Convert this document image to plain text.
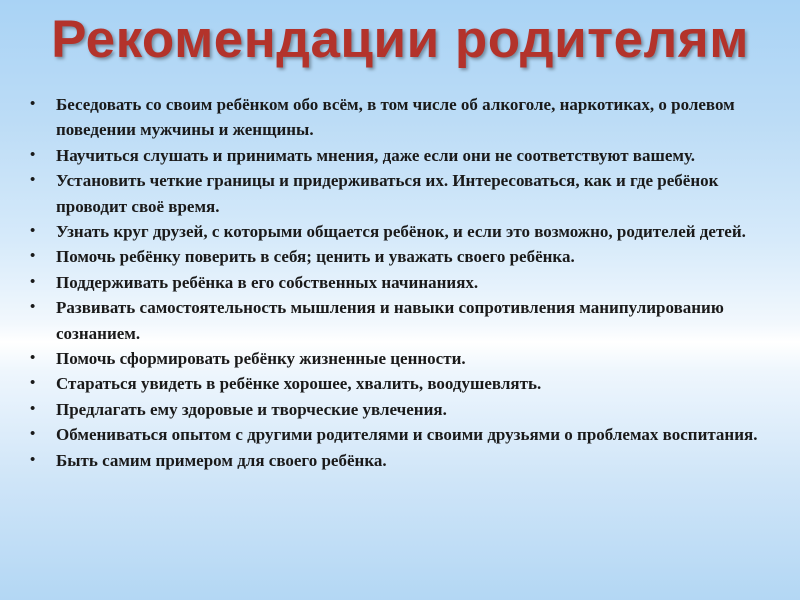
Рекомендации родителям
• Беседовать со своим ребёнком обо всём, в том числе об алкоголе, наркотиках, о ролевом поведении мужчины и женщины.
• Научиться слушать и принимать мнения, даже если они не соответствуют вашему.
• Установить четкие границы и придерживаться их. Интересоваться, как и где ребёнок проводит своё время.
• Узнать круг друзей, с которыми общается ребёнок, и если это возможно, родителей детей.
• Помочь ребёнку поверить в себя; ценить и уважать своего ребёнка.
• Поддерживать ребёнка в его собственных начинаниях.
• Развивать самостоятельность мышления и навыки сопротивления манипулированию сознанием.
• Помочь сформировать ребёнку жизненные ценности.
• Стараться увидеть в ребёнке хорошее, хвалить, воодушевлять.
• Предлагать ему здоровые и творческие увлечения.
• Обмениваться опытом с другими родителями и своими друзьями о проблемах воспитания.
• Быть самим примером для своего ребёнка.
